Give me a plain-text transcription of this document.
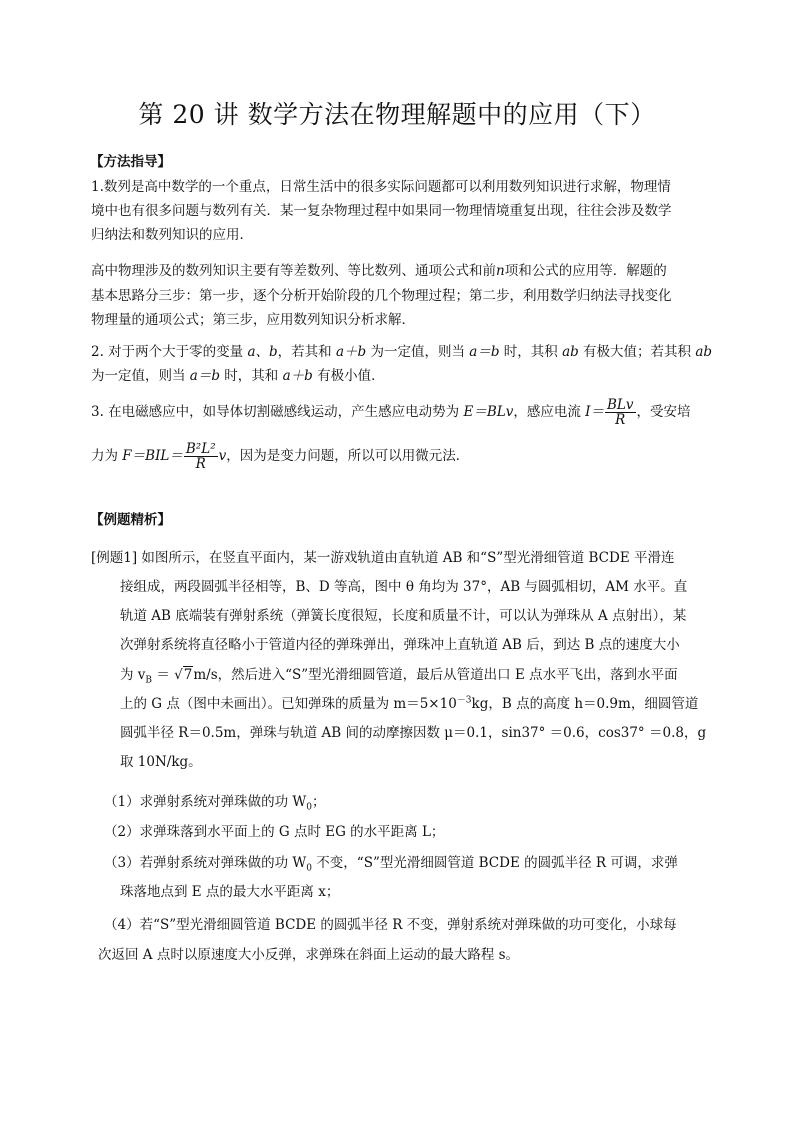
第 20 讲 数学方法在物理解题中的应用（下）
【方法指导】
1.数列是高中数学的一个重点，日常生活中的很多实际问题都可以利用数列知识进行求解，物理情
境中也有很多问题与数列有关．某一复杂物理过程中如果同一物理情境重复出现，往往会涉及数学
归纳法和数列知识的应用．
高中物理涉及的数列知识主要有等差数列、等比数列、通项公式和前n项和公式的应用等．解题的
基本思路分三步：第一步，逐个分析开始阶段的几个物理过程；第二步，利用数学归纳法寻找变化
物理量的通项公式；第三步，应用数列知识分析求解．
2. 对于两个大于零的变量 a、b，若其和 a＋b 为一定值，则当 a＝b 时，其积 ab 有极大值；若其积 ab
为一定值，则当 a＝b 时，其和 a＋b 有极小值．
3. 在电磁感应中，如导体切割磁感线运动，产生感应电动势为 E＝BLv，感应电流 $I= \frac{\text{BLv}}{R}$ ，受安培
力为 $F=BIL= \frac{\text{B²L²}}{R}$ v，因为是变力问题，所以可以用微元法．
【例题精析】
[例题1] 如图所示，在竖直平面内，某一游戏轨道由直轨道 AB 和“S”型光滑细管道 BCDE 平滑连
接组成，两段圆弧半径相等，B、D 等高，图中 θ 角均为 37°，AB 与圆弧相切，AM 水平。直
轨道 AB 底端装有弹射系统（弹簧长度很短，长度和质量不计，可以认为弹珠从 A 点射出），某
次弹射系统将直径略小于管道内径的弹珠弹出，弹珠冲上直轨道 AB 后，到达 B 点的速度大小
为 $v_B = √7m/s$，然后进入“S”型光滑细圆管道，最后从管道出口 E 点水平飞出，落到水平面
上的 G 点（图中未画出）。已知弹珠的质量为 $m=5\times 10^{-3}kg$，B 点的高度 h＝0.9m，细圆管道
圆弧半径 R＝0.5m，弹珠与轨道 AB 间的动摩擦因数 μ＝0.1，sin37° ＝0.6，cos37° ＝0.8，g
取 10N/kg。
（1）求弹射系统对弹珠做的功 $W_0$；
（2）求弹珠落到水平面上的 G 点时 EG 的水平距离 L；
（3）若弹射系统对弹珠做的功 $W_0$ 不变，“S”型光滑细圆管道 BCDE 的圆弧半径 R 可调，求弹
珠落地点到 E 点的最大水平距离 x；
（4）若“S”型光滑细圆管道 BCDE 的圆弧半径 R 不变，弹射系统对弹珠做的功可变化，小球每
次返回 A 点时以原速度大小反弹，求弹珠在斜面上运动的最大路程 s。
